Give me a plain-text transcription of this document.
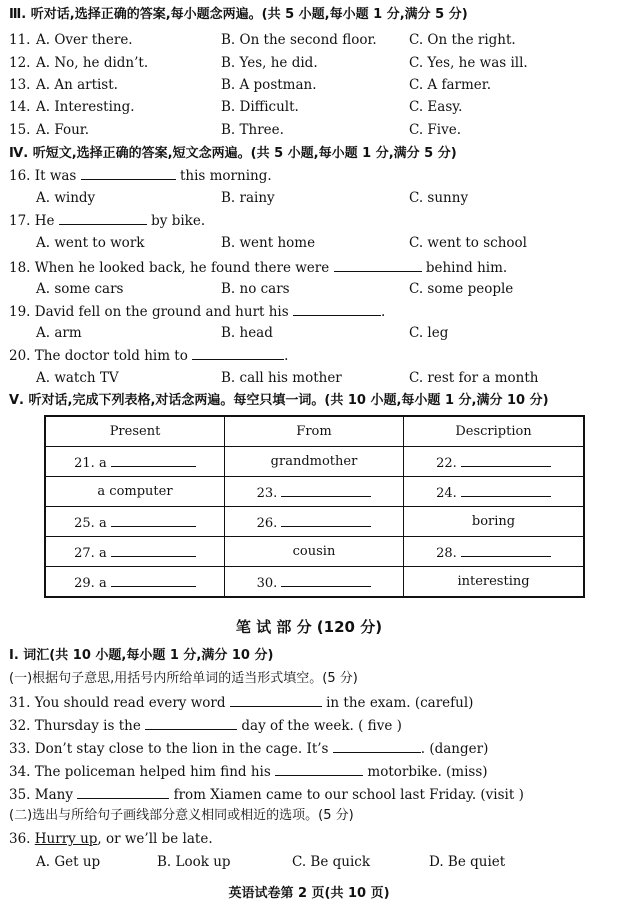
Ⅲ. 听对话,选择正确的答案,每小题念两遍。(共 5 小题,每小题 1 分,满分 5 分)
11. A. Over there.	B. On the second floor. C. On the right.
12. A. No, he didn’t.	B. Yes, he did.	C. Yes, he was ill.
13. A. An artist.	B. A postman.	C. A farmer.
14. A. Interesting.	B. Difficult.	C. Easy.
15. A. Four.	B. Three.	C. Five.
Ⅳ. 听短文,选择正确的答案,短文念两遍。(共 5 小题,每小题 1 分,满分 5 分)
16. It was	this morning.
A. windy	B. rainy	C. sunny
17. He	by bike.
A. went to work	B. went home	C. went to school
18. When he looked back, he found there were	behind him.
A. some cars	B. no cars	C. some people
19. David fell on the ground and hurt his	.
A. arm	B. head	C. leg
20. The doctor told him to	.
A. watch TV	B. call his mother	C. rest for a month
Ⅴ. 听对话,完成下列表格,对话念两遍。每空只填一词。(共 10 小题,每小题 1 分,满分 10 分)
Present	From	Description
21. a	grandmother	22.
a computer	23.	24.
25. a	26.	boring
27. a	cousin	28.
29. a	30.	interesting
笔 试 部 分 (120 分)
Ⅰ. 词汇(共 10 小题,每小题 1 分,满分 10 分)
(一)根据句子意思,用括号内所给单词的适当形式填空。(5 分)
31. You should read every word	in the exam. (careful)
32. Thursday is the	day of the week. ( five )
33. Don’t stay close to the lion in the cage. It’s	. (danger)
34. The policeman helped him find his	motorbike. (miss)
35. Many	from Xiamen came to our school last Friday. (visit )
(二)选出与所给句子画线部分意义相同或相近的选项。(5 分)
36. Hurry up, or we’ll be late.
A. Get up	B. Look up	C. Be quick	D. Be quiet
英语试卷第 2 页(共 10 页)
